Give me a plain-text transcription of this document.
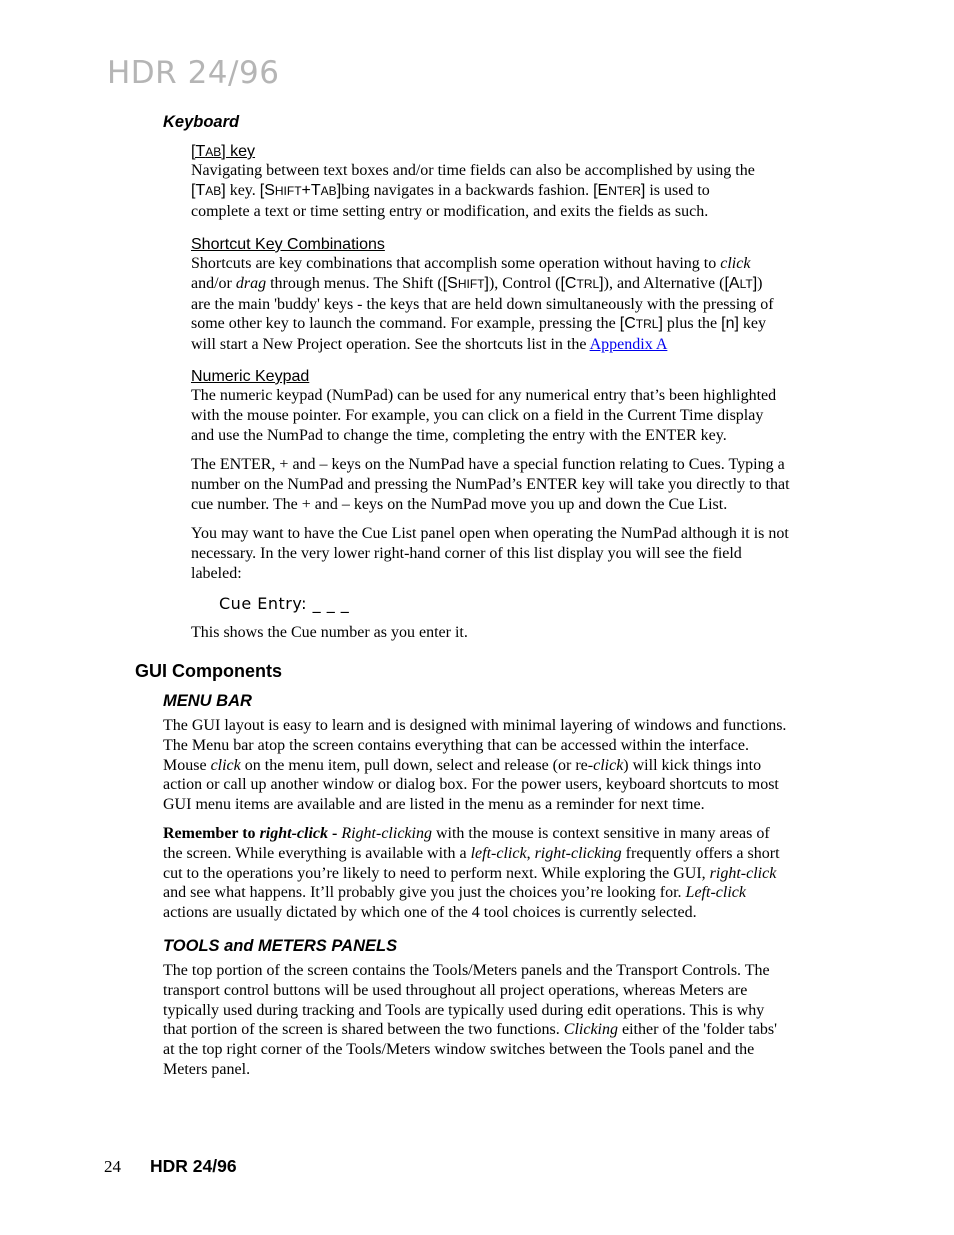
HDR 24/96
Keyboard
[TAB] key

Navigating between text boxes and/or time fields can also be accomplished by using the

[TAB] key. [SHIFT+TAB]bing navigates in a backwards fashion. [ENTER] is used to

complete a text or time setting entry or modification, and exits the fields as such.

Shortcut Key Combinations

Shortcuts are key combinations that accomplish some operation without having to click

and/or drag through menus. The Shift ([SHIFT]), Control ([CTRL]), and Alternative ([ALT])

are the main 'buddy' keys - the keys that are held down simultaneously with the pressing of

some other key to launch the command. For example, pressing the [CTRL] plus the [n] key

will start a New Project operation. See the shortcuts list in the Appendix A

Numeric Keypad

The numeric keypad (NumPad) can be used for any numerical entry that’s been highlighted

with the mouse pointer. For example, you can click on a field in the Current Time display

and use the NumPad to change the time, completing the entry with the ENTER key.

The ENTER, + and – keys on the NumPad have a special function relating to Cues. Typing a

number on the NumPad and pressing the NumPad’s ENTER key will take you directly to that

cue number. The + and – keys on the NumPad move you up and down the Cue List.

You may want to have the Cue List panel open when operating the NumPad although it is not

necessary. In the very lower right-hand corner of this list display you will see the field

labeled:

Cue Entry: _ _ _
This shows the Cue number as you enter it.
GUI Components
MENU BAR

The GUI layout is easy to learn and is designed with minimal layering of windows and functions.

The Menu bar atop the screen contains everything that can be accessed within the interface.

Mouse click on the menu item, pull down, select and release (or re-click) will kick things into

action or call up another window or dialog box. For the power users, keyboard shortcuts to most

GUI menu items are available and are listed in the menu as a reminder for next time.

Remember to right-click - Right-clicking with the mouse is context sensitive in many areas of

the screen. While everything is available with a left-click, right-clicking frequently offers a short

cut to the operations you’re likely to need to perform next. While exploring the GUI, right-click

and see what happens. It’ll probably give you just the choices you’re looking for. Left-click

actions are usually dictated by which one of the 4 tool choices is currently selected.

TOOLS and METERS PANELS

The top portion of the screen contains the Tools/Meters panels and the Transport Controls. The

transport control buttons will be used throughout all project operations, whereas Meters are

typically used during tracking and Tools are typically used during edit operations. This is why

that portion of the screen is shared between the two functions. Clicking either of the 'folder tabs'

at the top right corner of the Tools/Meters window switches between the Tools panel and the

Meters panel.

24 HDR 24/96
